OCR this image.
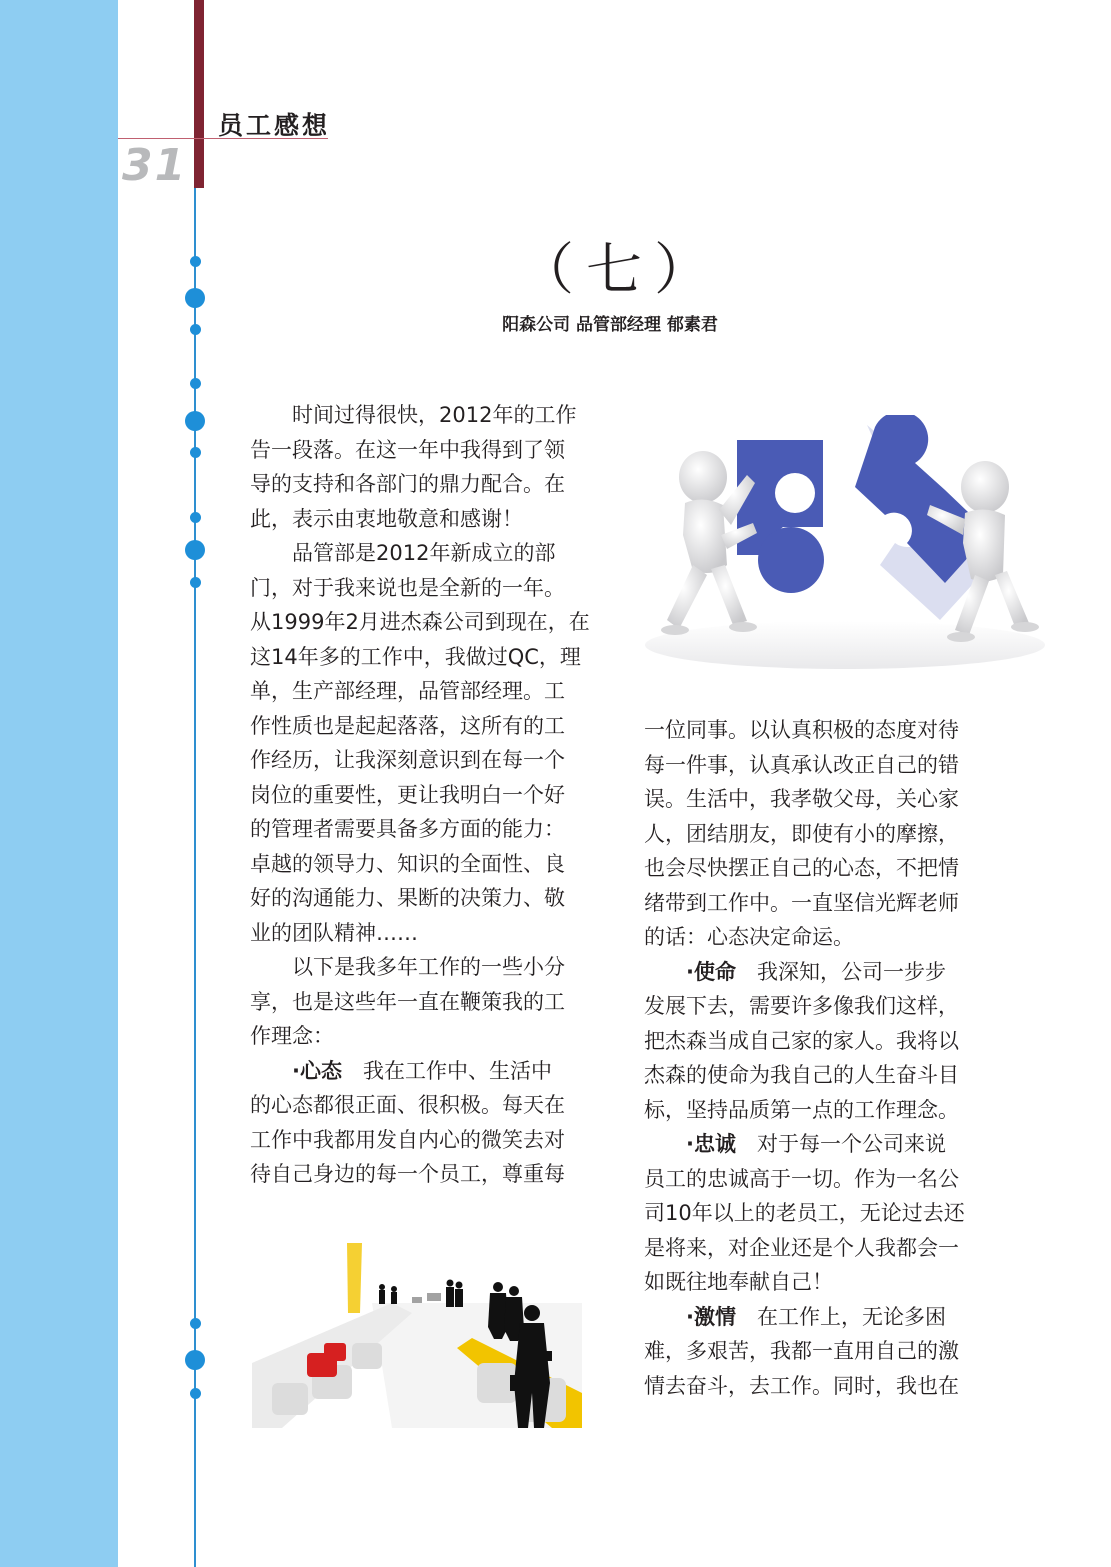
员工感想
31
（七）
阳森公司 品管部经理 郁素君

时间过得很快，2012年的工作

告一段落。在这一年中我得到了领

导的支持和各部门的鼎力配合。在

此，表示由衷地敬意和感谢！

品管部是2012年新成立的部

门，对于我来说也是全新的一年。

从1999年2月进杰森公司到现在，在

这14年多的工作中，我做过QC，理

单，生产部经理，品管部经理。工

作性质也是起起落落，这所有的工

作经历，让我深刻意识到在每一个

岗位的重要性，更让我明白一个好

的管理者需要具备多方面的能力：

卓越的领导力、知识的全面性、良

好的沟通能力、果断的决策力、敬

业的团队精神……

以下是我多年工作的一些小分

享，也是这些年一直在鞭策我的工

作理念：

·心态　我在工作中、生活中

的心态都很正面、很积极。每天在

工作中我都用发自内心的微笑去对

待自己身边的每一个员工，尊重每

一位同事。以认真积极的态度对待

每一件事，认真承认改正自己的错

误。生活中，我孝敬父母，关心家

人，团结朋友，即使有小的摩擦，

也会尽快摆正自己的心态，不把情

绪带到工作中。一直坚信光辉老师

的话：心态决定命运。

·使命　我深知，公司一步步

发展下去，需要许多像我们这样，

把杰森当成自己家的家人。我将以

杰森的使命为我自己的人生奋斗目

标，坚持品质第一点的工作理念。

·忠诚　对于每一个公司来说

员工的忠诚高于一切。作为一名公

司10年以上的老员工，无论过去还

是将来，对企业还是个人我都会一

如既往地奉献自己！

·激情　在工作上，无论多困

难，多艰苦，我都一直用自己的激

情去奋斗，去工作。同时，我也在
